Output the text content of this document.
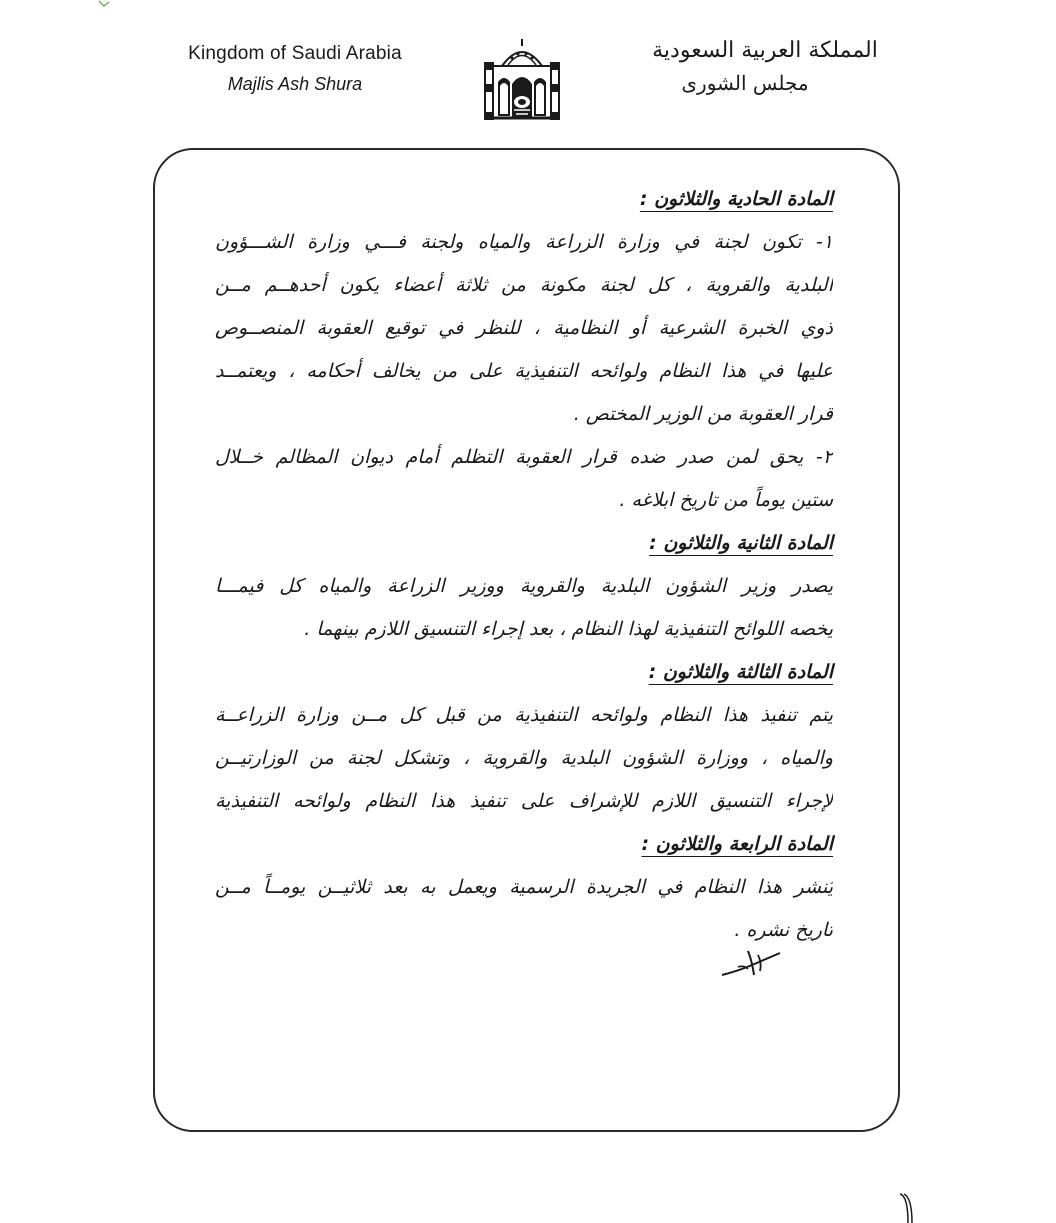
Kingdom of Saudi Arabia
Majlis Ash Shura
المملكة العربية السعودية
مجلس الشورى
المادة الحادية والثلاثون :
١- تكون لجنة في وزارة الزراعة والمياه ولجنة فـــي وزارة الشـــؤون
البلدية والقروية ، كل لجنة مكونة من ثلاثة أعضاء يكون أحدهــم مــن
ذوي الخبرة الشرعية أو النظامية ، للنظر في توقيع العقوبة المنصــوص
عليها في هذا النظام ولوائحه التنفيذية على من يخالف أحكامه ، ويعتمــد
قرار العقوبة من الوزير المختص .
٢- يحق لمن صدر ضده قرار العقوبة التظلم أمام ديوان المظالم خــلال
ستين يوماً من تاريخ ابلاغه .
المادة الثانية والثلاثون :
يصدر وزير الشؤون البلدية والقروية ووزير الزراعة والمياه كل فيمـــا
يخصه اللوائح التنفيذية لهذا النظام ، بعد إجراء التنسيق اللازم بينهما .
المادة الثالثة والثلاثون :
يتم تنفيذ هذا النظام ولوائحه التنفيذية من قبل كل مــن وزارة الزراعــة
والمياه ، ووزارة الشؤون البلدية والقروية ، وتشكل لجنة من الوزارتيــن
لإجراء التنسيق اللازم للإشراف على تنفيذ هذا النظام ولوائحه التنفيذية
المادة الرابعة والثلاثون :
يُنشر هذا النظام في الجريدة الرسمية ويعمل به بعد ثلاثيــن يومــاً مــن
تاريخ نشره .
